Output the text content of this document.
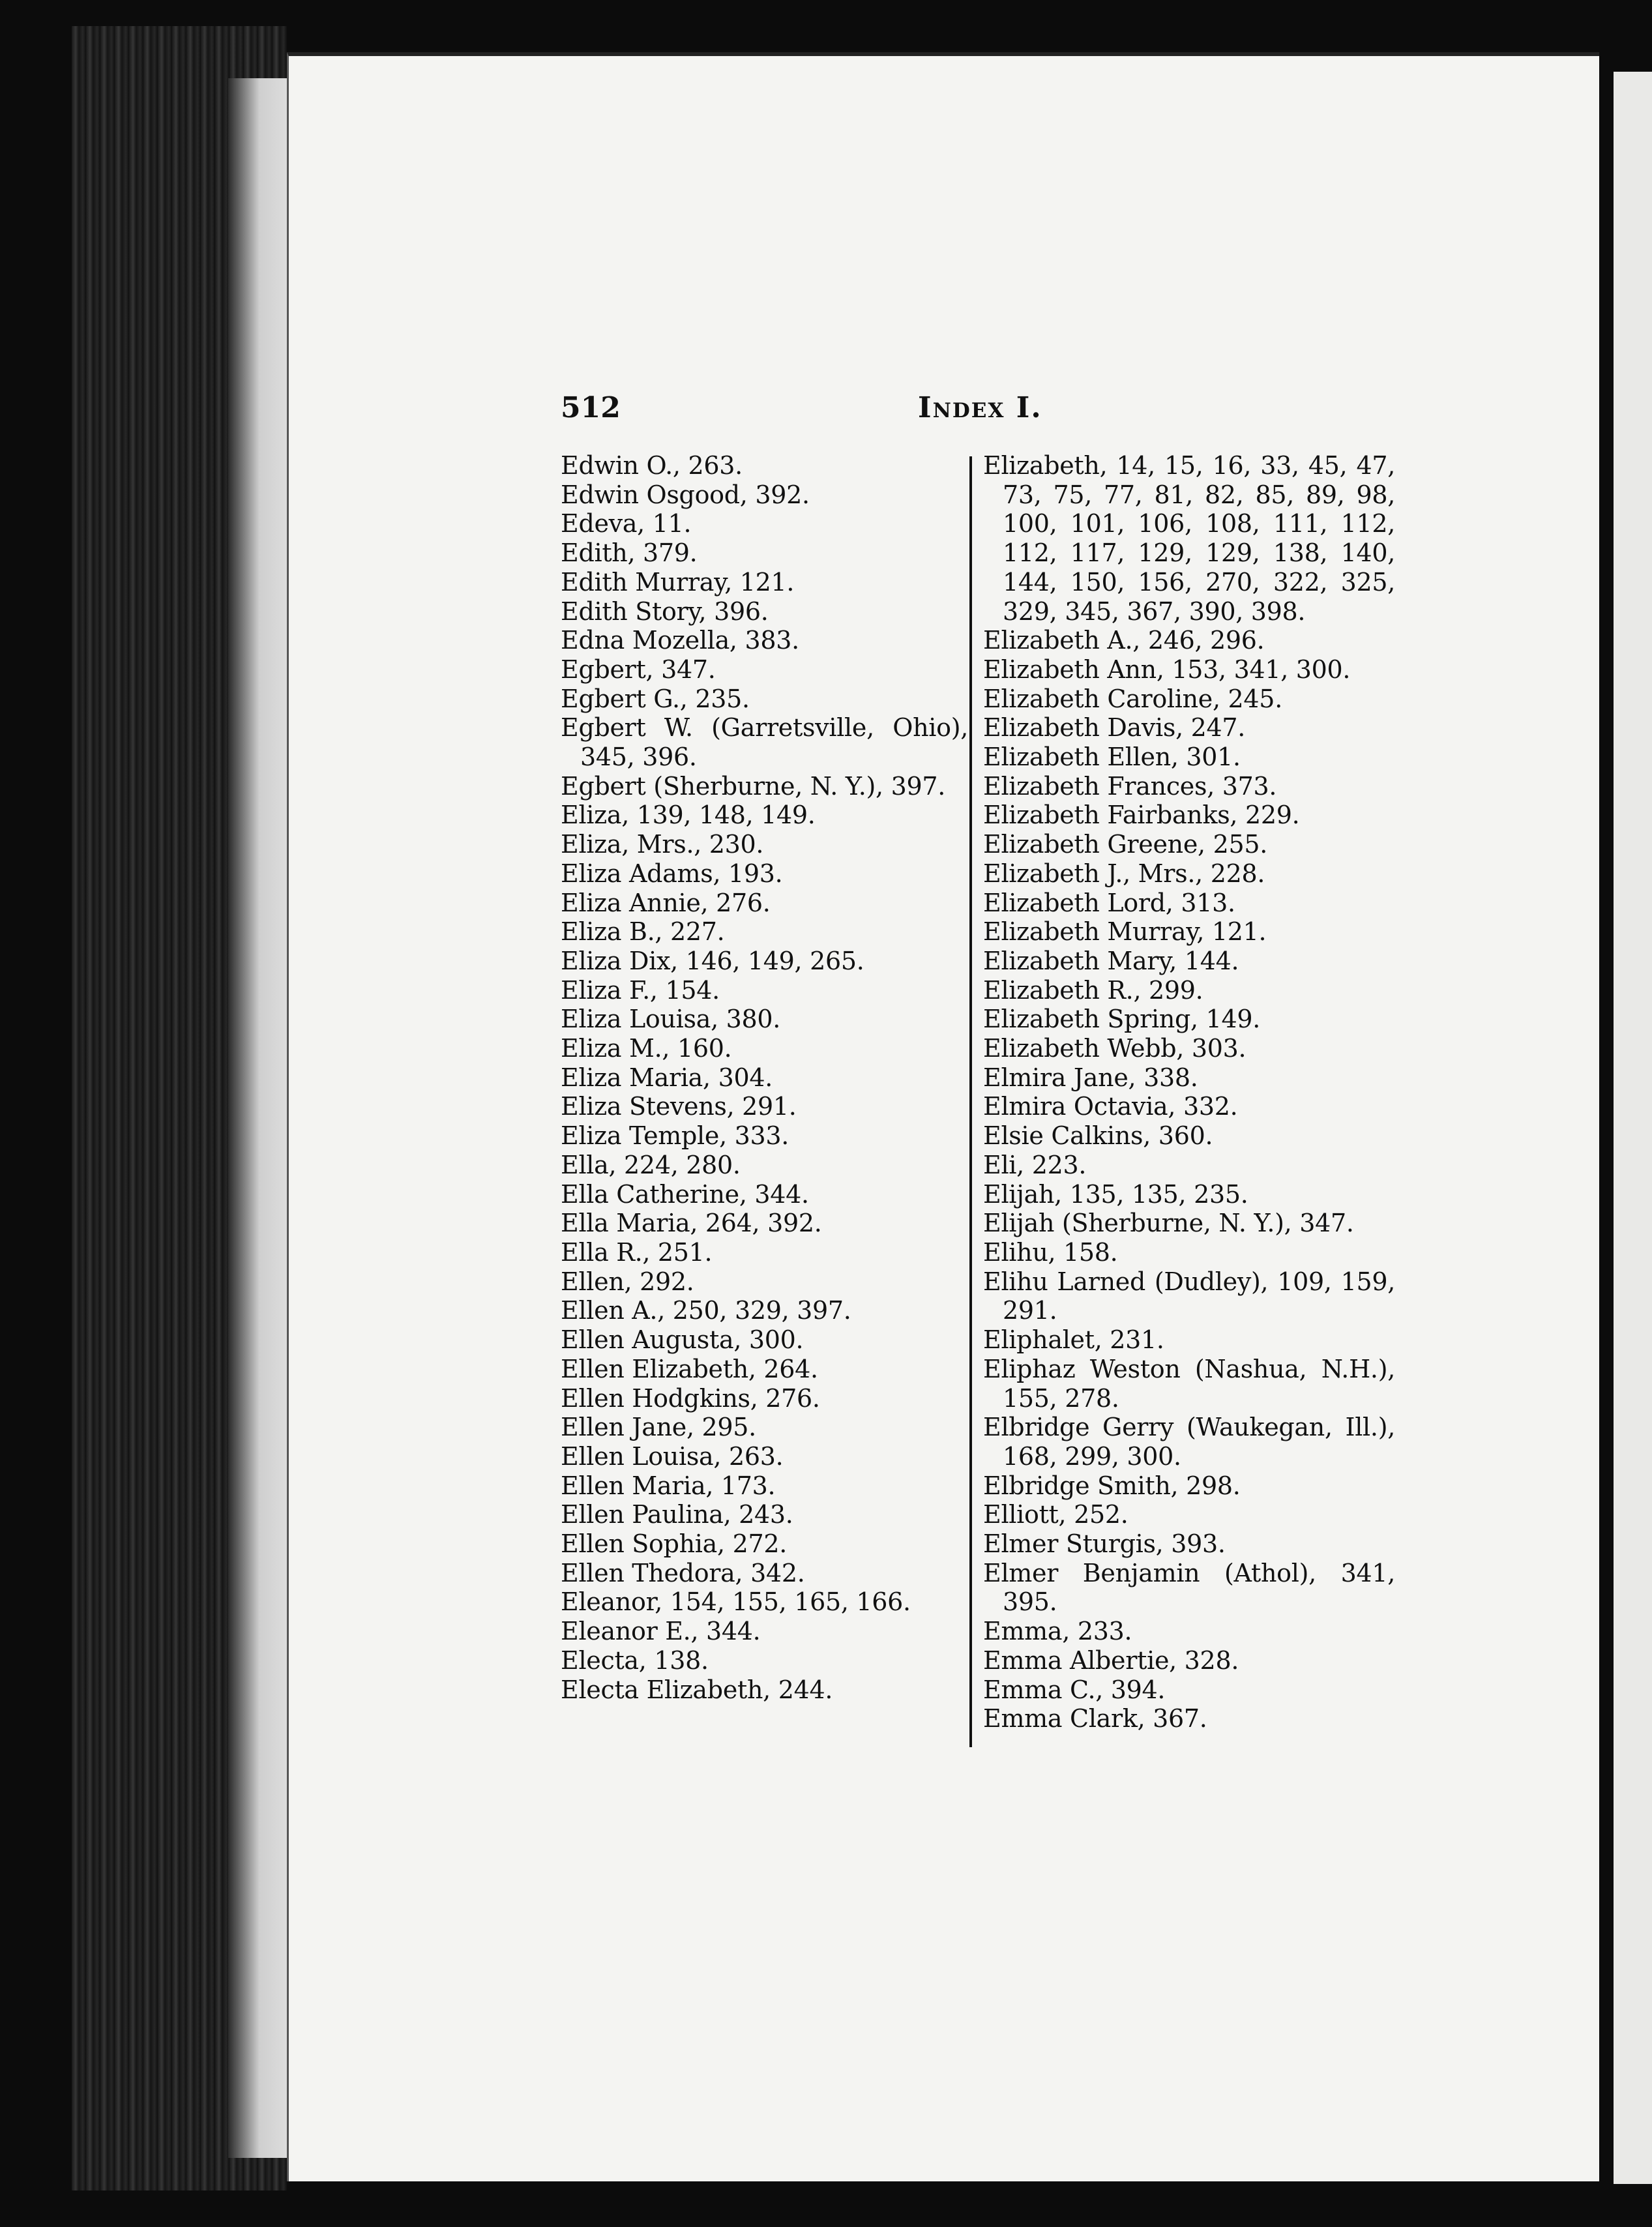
512	Index I.
Edwin O., 263.
Edwin Osgood, 392.
Edeva, 11.
Edith, 379.
Edith Murray, 121.
Edith Story, 396.
Edna Mozella, 383.
Egbert, 347.
Egbert G., 235.
Egbert W. (Garretsville, Ohio), 345, 396.
Egbert (Sherburne, N. Y.), 397.
Eliza, 139, 148, 149.
Eliza, Mrs., 230.
Eliza Adams, 193.
Eliza Annie, 276.
Eliza B., 227.
Eliza Dix, 146, 149, 265.
Eliza F., 154.
Eliza Louisa, 380.
Eliza M., 160.
Eliza Maria, 304.
Eliza Stevens, 291.
Eliza Temple, 333.
Ella, 224, 280.
Ella Catherine, 344.
Ella Maria, 264, 392.
Ella R., 251.
Ellen, 292.
Ellen A., 250, 329, 397.
Ellen Augusta, 300.
Ellen Elizabeth, 264.
Ellen Hodgkins, 276.
Ellen Jane, 295.
Ellen Louisa, 263.
Ellen Maria, 173.
Ellen Paulina, 243.
Ellen Sophia, 272.
Ellen Thedora, 342.
Eleanor, 154, 155, 165, 166.
Eleanor E., 344.
Electa, 138.
Electa Elizabeth, 244.
Elizabeth, 14, 15, 16, 33, 45, 47, 73, 75, 77, 81, 82, 85, 89, 98, 100, 101, 106, 108, 111, 112, 112, 117, 129, 129, 138, 140, 144, 150, 156, 270, 322, 325, 329, 345, 367, 390, 398.
Elizabeth A., 246, 296.
Elizabeth Ann, 153, 341, 300.
Elizabeth Caroline, 245.
Elizabeth Davis, 247.
Elizabeth Ellen, 301.
Elizabeth Frances, 373.
Elizabeth Fairbanks, 229.
Elizabeth Greene, 255.
Elizabeth J., Mrs., 228.
Elizabeth Lord, 313.
Elizabeth Murray, 121.
Elizabeth Mary, 144.
Elizabeth R., 299.
Elizabeth Spring, 149.
Elizabeth Webb, 303.
Elmira Jane, 338.
Elmira Octavia, 332.
Elsie Calkins, 360.
Eli, 223.
Elijah, 135, 135, 235.
Elijah (Sherburne, N. Y.), 347.
Elihu, 158.
Elihu Larned (Dudley), 109, 159, 291.
Eliphalet, 231.
Eliphaz Weston (Nashua, N.H.), 155, 278.
Elbridge Gerry (Waukegan, Ill.), 168, 299, 300.
Elbridge Smith, 298.
Elliott, 252.
Elmer Sturgis, 393.
Elmer Benjamin (Athol), 341, 395.
Emma, 233.
Emma Albertie, 328.
Emma C., 394.
Emma Clark, 367.
